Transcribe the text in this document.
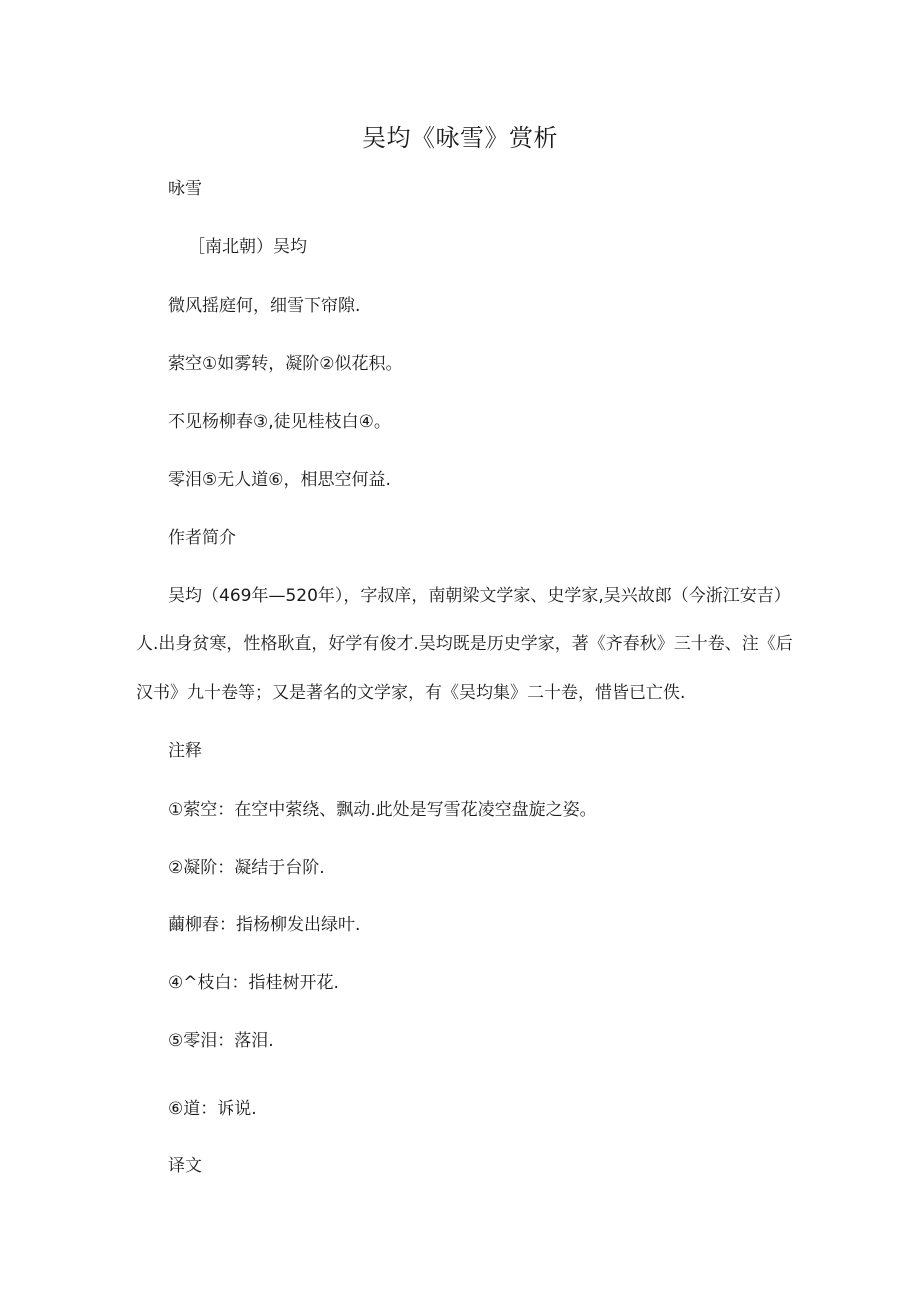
吴均《咏雪》赏析
咏雪
［南北朝）吴均
微风摇庭何，细雪下帘隙.
萦空①如雾转，凝阶②似花积。
不见杨柳春③,徒见桂枝白④。
零泪⑤无人道⑥，相思空何益.
作者简介
吴均（469年—520年），字叔庠，南朝梁文学家、史学家,吴兴故郎（今浙江安吉）
人.出身贫寒，性格耿直，好学有俊才.吴均既是历史学家，著《齐春秋》三十卷、注《后
汉书》九十卷等；又是著名的文学家，有《吴均集》二十卷，惜皆已亡佚.
注释
①萦空：在空中萦绕、飘动.此处是写雪花凌空盘旋之姿。
②凝阶：凝结于台阶.
繭柳春：指杨柳发出绿叶.
④^枝白：指桂树开花.
⑤零泪：落泪.
⑥道：诉说.
译文
